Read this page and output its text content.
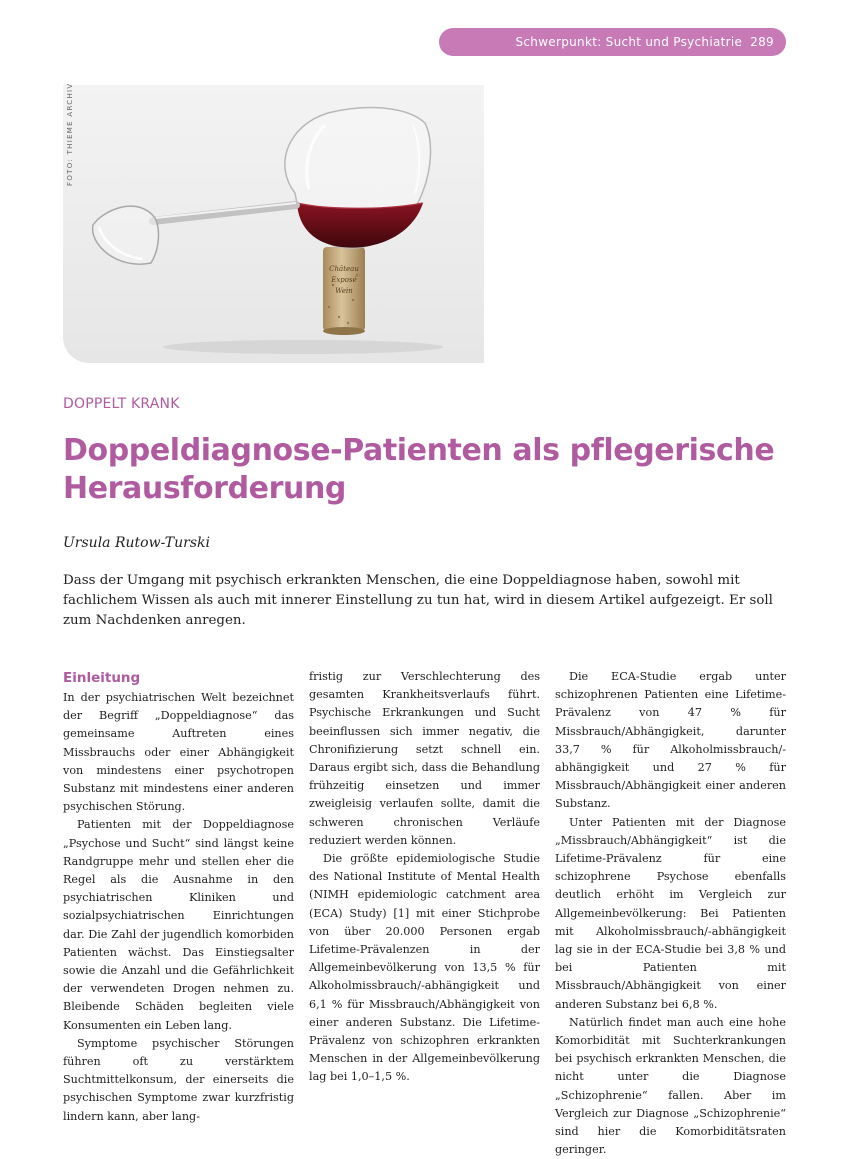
Schwerpunkt: Sucht und Psychiatrie 289
Château
Exposé
Wein
FOTO: THIEME ARCHIV
DOPPELT KRANK
Doppeldiagnose-Patienten als pflegerische Herausforderung
Ursula Rutow-Turski

Dass der Umgang mit psychisch erkrankten Menschen, die eine Doppeldiagnose haben, sowohl mit fachlichem Wissen als auch mit innerer Einstellung zu tun hat, wird in diesem Artikel aufgezeigt. Er soll zum Nachdenken anregen.

Einleitung

In der psychiatrischen Welt bezeichnet der Begriff „Doppeldiagnose“ das gemeinsame Auftreten eines Missbrauchs oder einer Abhängigkeit von mindestens einer psychotropen Substanz mit mindestens einer anderen psychischen Störung.

Patienten mit der Doppeldiagnose „Psychose und Sucht“ sind längst keine Randgruppe mehr und stellen eher die Regel als die Ausnahme in den psychiatrischen Kliniken und sozialpsychiatrischen Einrichtungen dar. Die Zahl der jugendlich komorbiden Patienten wächst. Das Einstiegsalter sowie die Anzahl und die Gefährlichkeit der verwendeten Drogen nehmen zu. Bleibende Schäden begleiten viele Konsumenten ein Leben lang.

Symptome psychischer Störungen führen oft zu verstärktem Suchtmittelkonsum, der einerseits die psychischen Symptome zwar kurzfristig lindern kann, aber lang-

fristig zur Verschlechterung des gesamten Krankheitsverlaufs führt. Psychische Erkrankungen und Sucht beeinflussen sich immer negativ, die Chronifizierung setzt schnell ein. Daraus ergibt sich, dass die Behandlung frühzeitig einsetzen und immer zweigleisig verlaufen sollte, damit die schweren chronischen Verläufe reduziert werden können.

Die größte epidemiologische Studie des National Institute of Mental Health (NIMH epidemiologic catchment area (ECA) Study) [1] mit einer Stichprobe von über 20.000 Personen ergab Lifetime-Prävalenzen in der Allgemeinbevölkerung von 13,5 % für Alkoholmissbrauch/-abhängigkeit und 6,1 % für Missbrauch/Abhängigkeit von einer anderen Substanz. Die Lifetime-Prävalenz von schizophren erkrankten Menschen in der Allgemeinbevölkerung lag bei 1,0–1,5 %.

Die ECA-Studie ergab unter schizophrenen Patienten eine Lifetime-Prävalenz von 47 % für Missbrauch/Abhängigkeit, darunter 33,7 % für Alkoholmissbrauch/-abhängigkeit und 27 % für Missbrauch/Abhängigkeit einer anderen Substanz.

Unter Patienten mit der Diagnose „Missbrauch/Abhängigkeit“ ist die Lifetime-Prävalenz für eine schizophrene Psychose ebenfalls deutlich erhöht im Vergleich zur Allgemeinbevölkerung: Bei Patienten mit Alkoholmissbrauch/-abhängigkeit lag sie in der ECA-Studie bei 3,8 % und bei Patienten mit Missbrauch/Abhängigkeit von einer anderen Substanz bei 6,8 %.

Natürlich findet man auch eine hohe Komorbidität mit Suchterkrankungen bei psychisch erkrankten Menschen, die nicht unter die Diagnose „Schizophrenie“ fallen. Aber im Vergleich zur Diagnose „Schizophrenie“ sind hier die Komorbiditätsraten geringer.
